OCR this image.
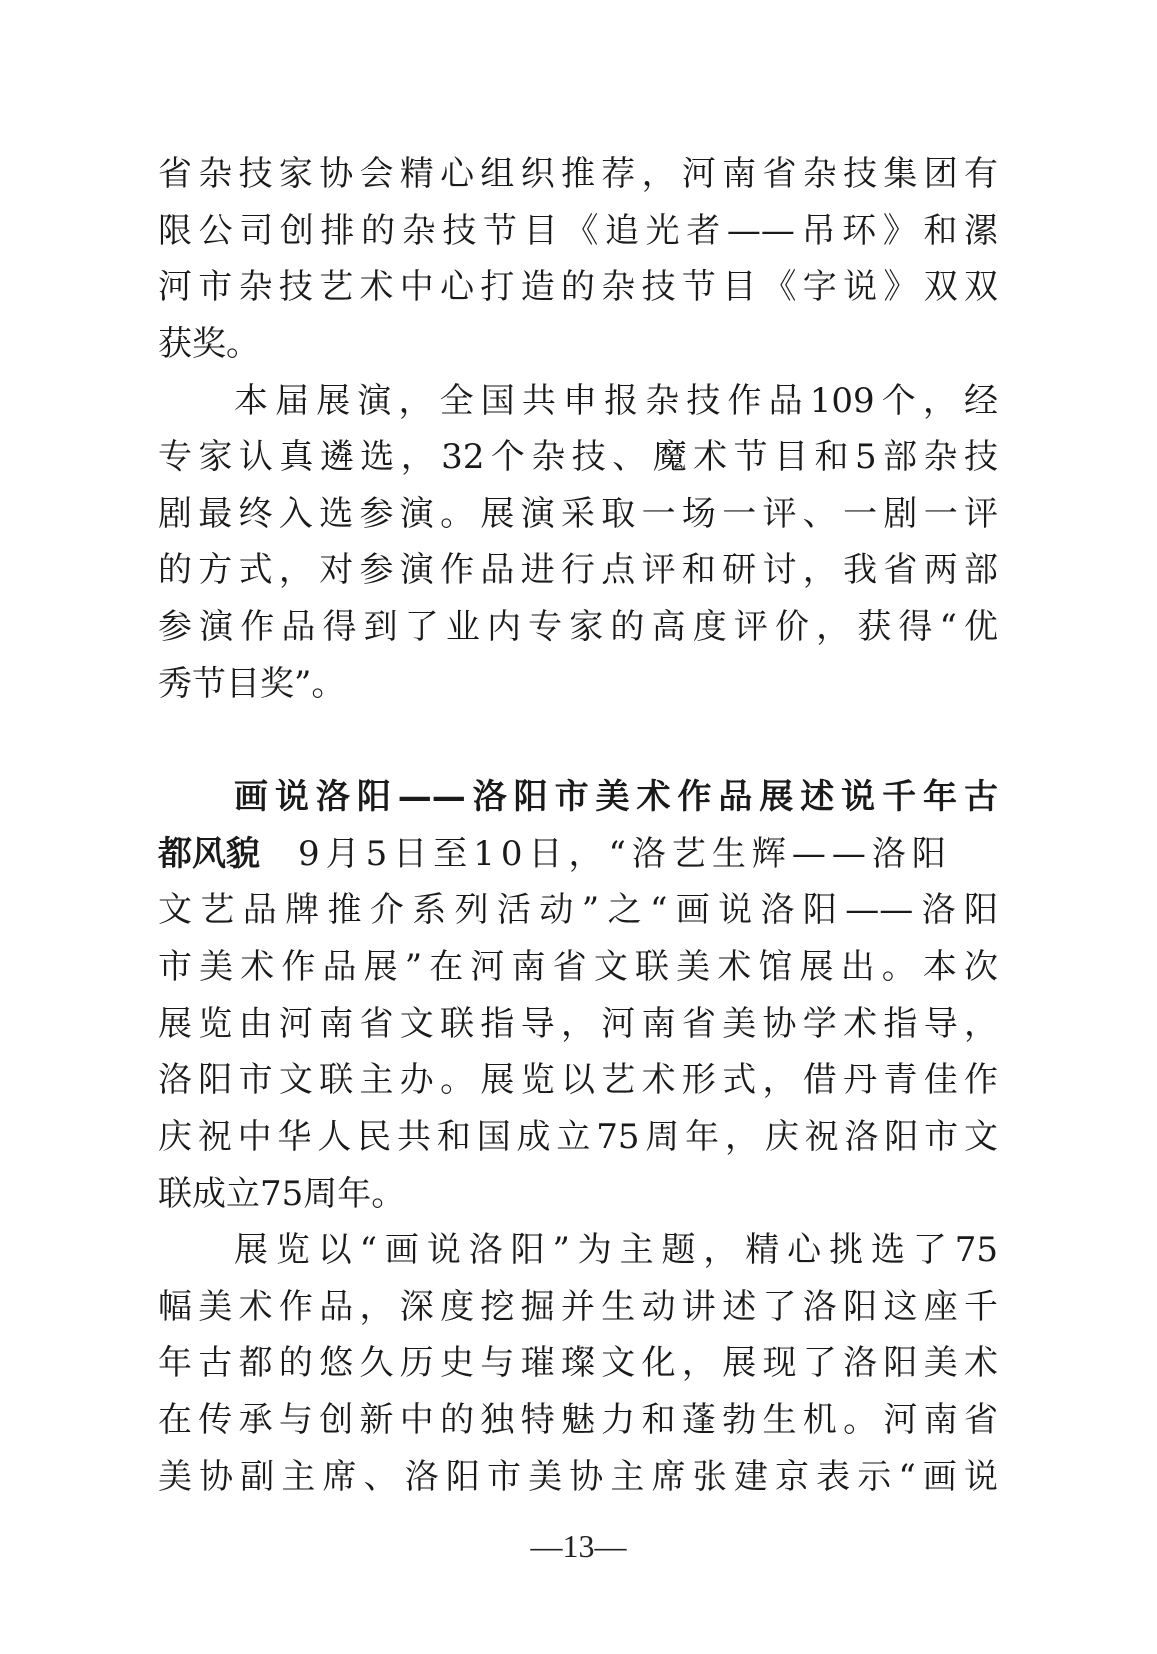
省杂技家协会精心组织推荐，河南省杂技集团有
限公司创排的杂技节目《追光者——吊环》和漯
河市杂技艺术中心打造的杂技节目《字说》双双
获奖。
本届展演，全国共申报杂技作品109个，经
专家认真遴选，32个杂技、魔术节目和5部杂技
剧最终入选参演。展演采取一场一评、一剧一评
的方式，对参演作品进行点评和研讨，我省两部
参演作品得到了业内专家的高度评价，获得“优
秀节目奖”。
画说洛阳——洛阳市美术作品展述说千年古
都风貌 9月5日至10日，“洛艺生辉——洛阳
文艺品牌推介系列活动”之“画说洛阳——洛阳
市美术作品展”在河南省文联美术馆展出。本次
展览由河南省文联指导，河南省美协学术指导，
洛阳市文联主办。展览以艺术形式，借丹青佳作
庆祝中华人民共和国成立75周年，庆祝洛阳市文
联成立75周年。
展览以“画说洛阳”为主题，精心挑选了75
幅美术作品，深度挖掘并生动讲述了洛阳这座千
年古都的悠久历史与璀璨文化，展现了洛阳美术
在传承与创新中的独特魅力和蓬勃生机。河南省
美协副主席、洛阳市美协主席张建京表示“画说
—13—
